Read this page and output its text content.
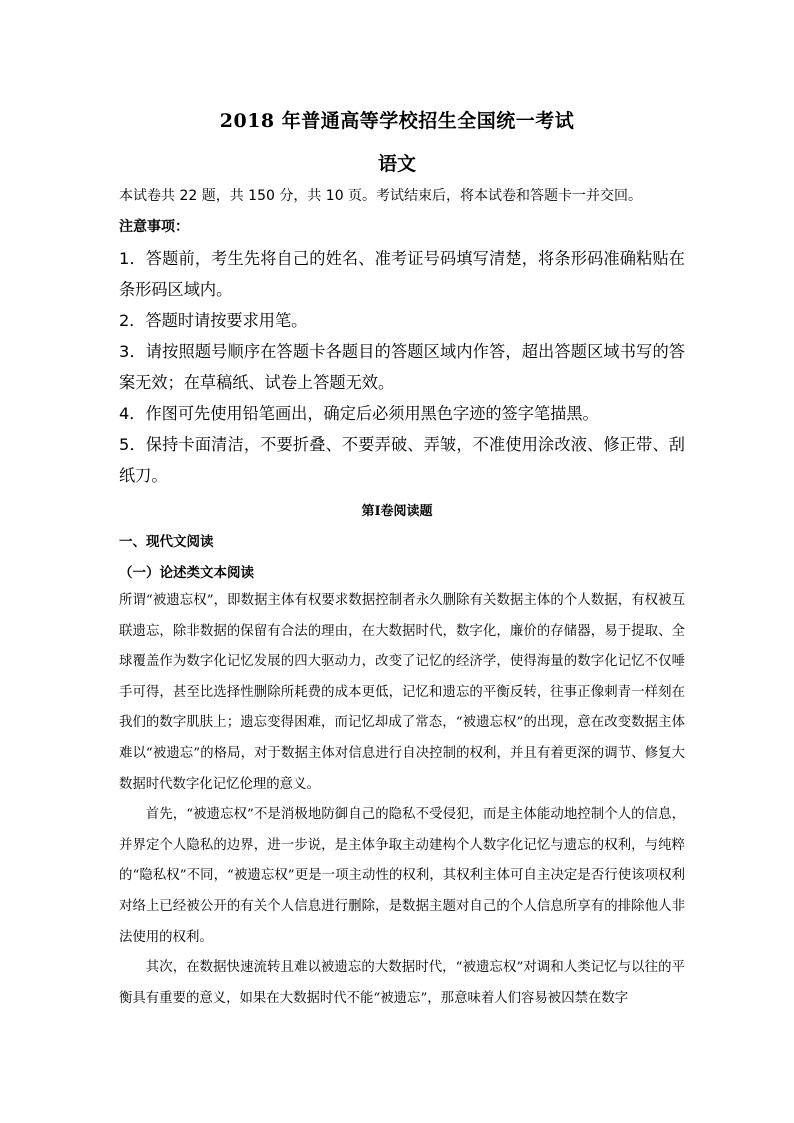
2018 年普通高等学校招生全国统一考试
语文
本试卷共 22 题，共 150 分，共 10 页。考试结束后，将本试卷和答题卡一并交回。
注意事项：
1．答题前，考生先将自己的姓名、准考证号码填写清楚，将条形码准确粘贴在条形码区域内。
2．答题时请按要求用笔。
3．请按照题号顺序在答题卡各题目的答题区域内作答，超出答题区域书写的答案无效；在草稿纸、试卷上答题无效。
4．作图可先使用铅笔画出，确定后必须用黑色字迹的签字笔描黑。
5．保持卡面清洁，不要折叠、不要弄破、弄皱，不准使用涂改液、修正带、刮纸刀。
第Ⅰ卷阅读题
一、现代文阅读
（一）论述类文本阅读

所谓“被遗忘权”，即数据主体有权要求数据控制者永久删除有关数据主体的个人数据，有权被互联遗忘，除非数据的保留有合法的理由，在大数据时代，数字化，廉价的存储器，易于提取、全球覆盖作为数字化记忆发展的四大驱动力，改变了记忆的经济学，使得海量的数字化记忆不仅唾手可得，甚至比选择性删除所耗费的成本更低，记忆和遗忘的平衡反转，往事正像刺青一样刻在我们的数字肌肤上；遗忘变得困难，而记忆却成了常态，“被遗忘权”的出现，意在改变数据主体难以“被遗忘”的格局，对于数据主体对信息进行自决控制的权利，并且有着更深的调节、修复大数据时代数字化记忆伦理的意义。

首先，“被遗忘权”不是消极地防御自己的隐私不受侵犯，而是主体能动地控制个人的信息，并界定个人隐私的边界，进一步说，是主体争取主动建构个人数字化记忆与遗忘的权利，与纯粹的“隐私权”不同，“被遗忘权”更是一项主动性的权利，其权利主体可自主决定是否行使该项权利对络上已经被公开的有关个人信息进行删除，是数据主题对自己的个人信息所享有的排除他人非法使用的权利。

其次，在数据快速流转且难以被遗忘的大数据时代，“被遗忘权”对调和人类记忆与以往的平衡具有重要的意义，如果在大数据时代不能“被遗忘”，那意味着人们容易被囚禁在数字
